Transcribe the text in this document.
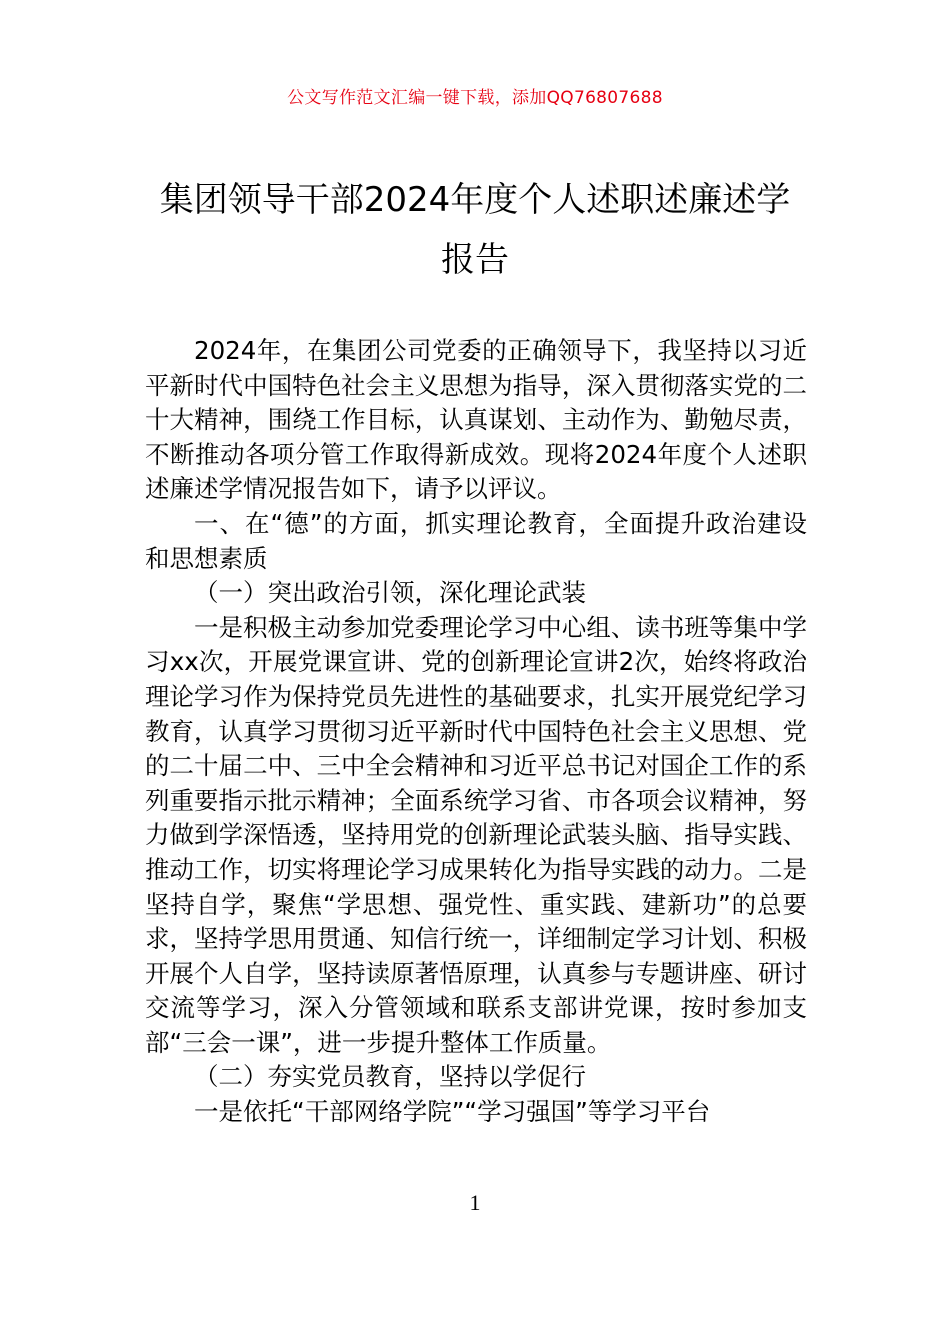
公文写作范文汇编一键下载，添加QQ76807688
集团领导干部2024年度个人述职述廉述学
报告

2024年，在集团公司党委的正确领导下，我坚持以习近平新时代中国特色社会主义思想为指导，深入贯彻落实党的二十大精神，围绕工作目标，认真谋划、主动作为、勤勉尽责，不断推动各项分管工作取得新成效。现将2024年度个人述职述廉述学情况报告如下，请予以评议。

一、在“德”的方面，抓实理论教育，全面提升政治建设和思想素质

（一）突出政治引领，深化理论武装

一是积极主动参加党委理论学习中心组、读书班等集中学习xx次，开展党课宣讲、党的创新理论宣讲2次，始终将政治理论学习作为保持党员先进性的基础要求，扎实开展党纪学习教育，认真学习贯彻习近平新时代中国特色社会主义思想、党的二十届二中、三中全会精神和习近平总书记对国企工作的系列重要指示批示精神；全面系统学习省、市各项会议精神，努力做到学深悟透，坚持用党的创新理论武装头脑、指导实践、推动工作，切实将理论学习成果转化为指导实践的动力。二是坚持自学，聚焦“学思想、强党性、重实践、建新功”的总要求，坚持学思用贯通、知信行统一，详细制定学习计划、积极开展个人自学，坚持读原著悟原理，认真参与专题讲座、研讨交流等学习，深入分管领域和联系支部讲党课，按时参加支部“三会一课”，进一步提升整体工作质量。

（二）夯实党员教育，坚持以学促行

一是依托“干部网络学院”“学习强国”等学习平台

1
